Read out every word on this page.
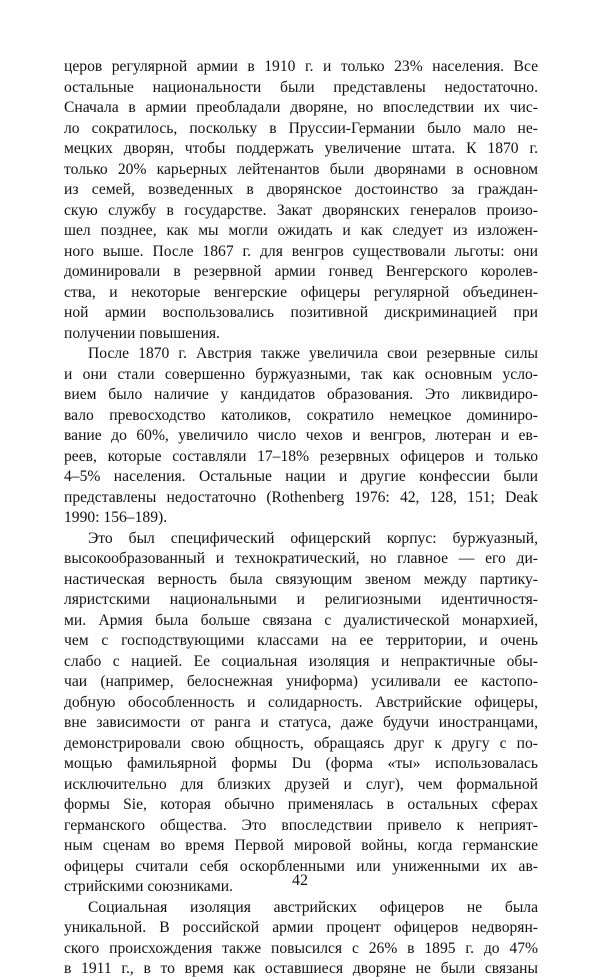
церов регулярной армии в 1910 г. и только 23% населения. Все
остальные национальности были представлены недостаточно.
Сначала в армии преобладали дворяне, но впоследствии их чис-
ло сократилось, поскольку в Пруссии-Германии было мало не-
мецких дворян, чтобы поддержать увеличение штата. К 1870 г.
только 20% карьерных лейтенантов были дворянами в основном
из семей, возведенных в дворянское достоинство за граждан-
скую службу в государстве. Закат дворянских генералов произо-
шел позднее, как мы могли ожидать и как следует из изложен-
ного выше. После 1867 г. для венгров существовали льготы: они
доминировали в резервной армии гонвед Венгерского королев-
ства, и некоторые венгерские офицеры регулярной объединен-
ной армии воспользовались позитивной дискриминацией при
получении повышения.
После 1870 г. Австрия также увеличила свои резервные силы
и они стали совершенно буржуазными, так как основным усло-
вием было наличие у кандидатов образования. Это ликвидиро-
вало превосходство католиков, сократило немецкое доминиро-
вание до 60%, увеличило число чехов и венгров, лютеран и ев-
реев, которые составляли 17–18% резервных офицеров и только
4–5% населения. Остальные нации и другие конфессии были
представлены недостаточно (Rothenberg 1976: 42, 128, 151; Deak
1990: 156–189).
Это был специфический офицерский корпус: буржуазный,
высокообразованный и технократический, но главное — его ди-
настическая верность была связующим звеном между партику-
ляристскими национальными и религиозными идентичностя-
ми. Армия была больше связана с дуалистической монархией,
чем с господствующими классами на ее территории, и очень
слабо с нацией. Ее социальная изоляция и непрактичные обы-
чаи (например, белоснежная униформа) усиливали ее кастопо-
добную обособленность и солидарность. Австрийские офицеры,
вне зависимости от ранга и статуса, даже будучи иностранцами,
демонстрировали свою общность, обращаясь друг к другу с по-
мощью фамильярной формы Du (форма «ты» использовалась
исключительно для близких друзей и слуг), чем формальной
формы Sie, которая обычно применялась в остальных сферах
германского общества. Это впоследствии привело к неприят-
ным сценам во время Первой мировой войны, когда германские
офицеры считали себя оскорбленными или униженными их ав-
стрийскими союзниками.
Социальная изоляция австрийских офицеров не была
уникальной. В российской армии процент офицеров недворян-
ского происхождения также повысился с 26% в 1895 г. до 47%
в 1911 г., в то время как оставшиеся дворяне не были связаны
42
